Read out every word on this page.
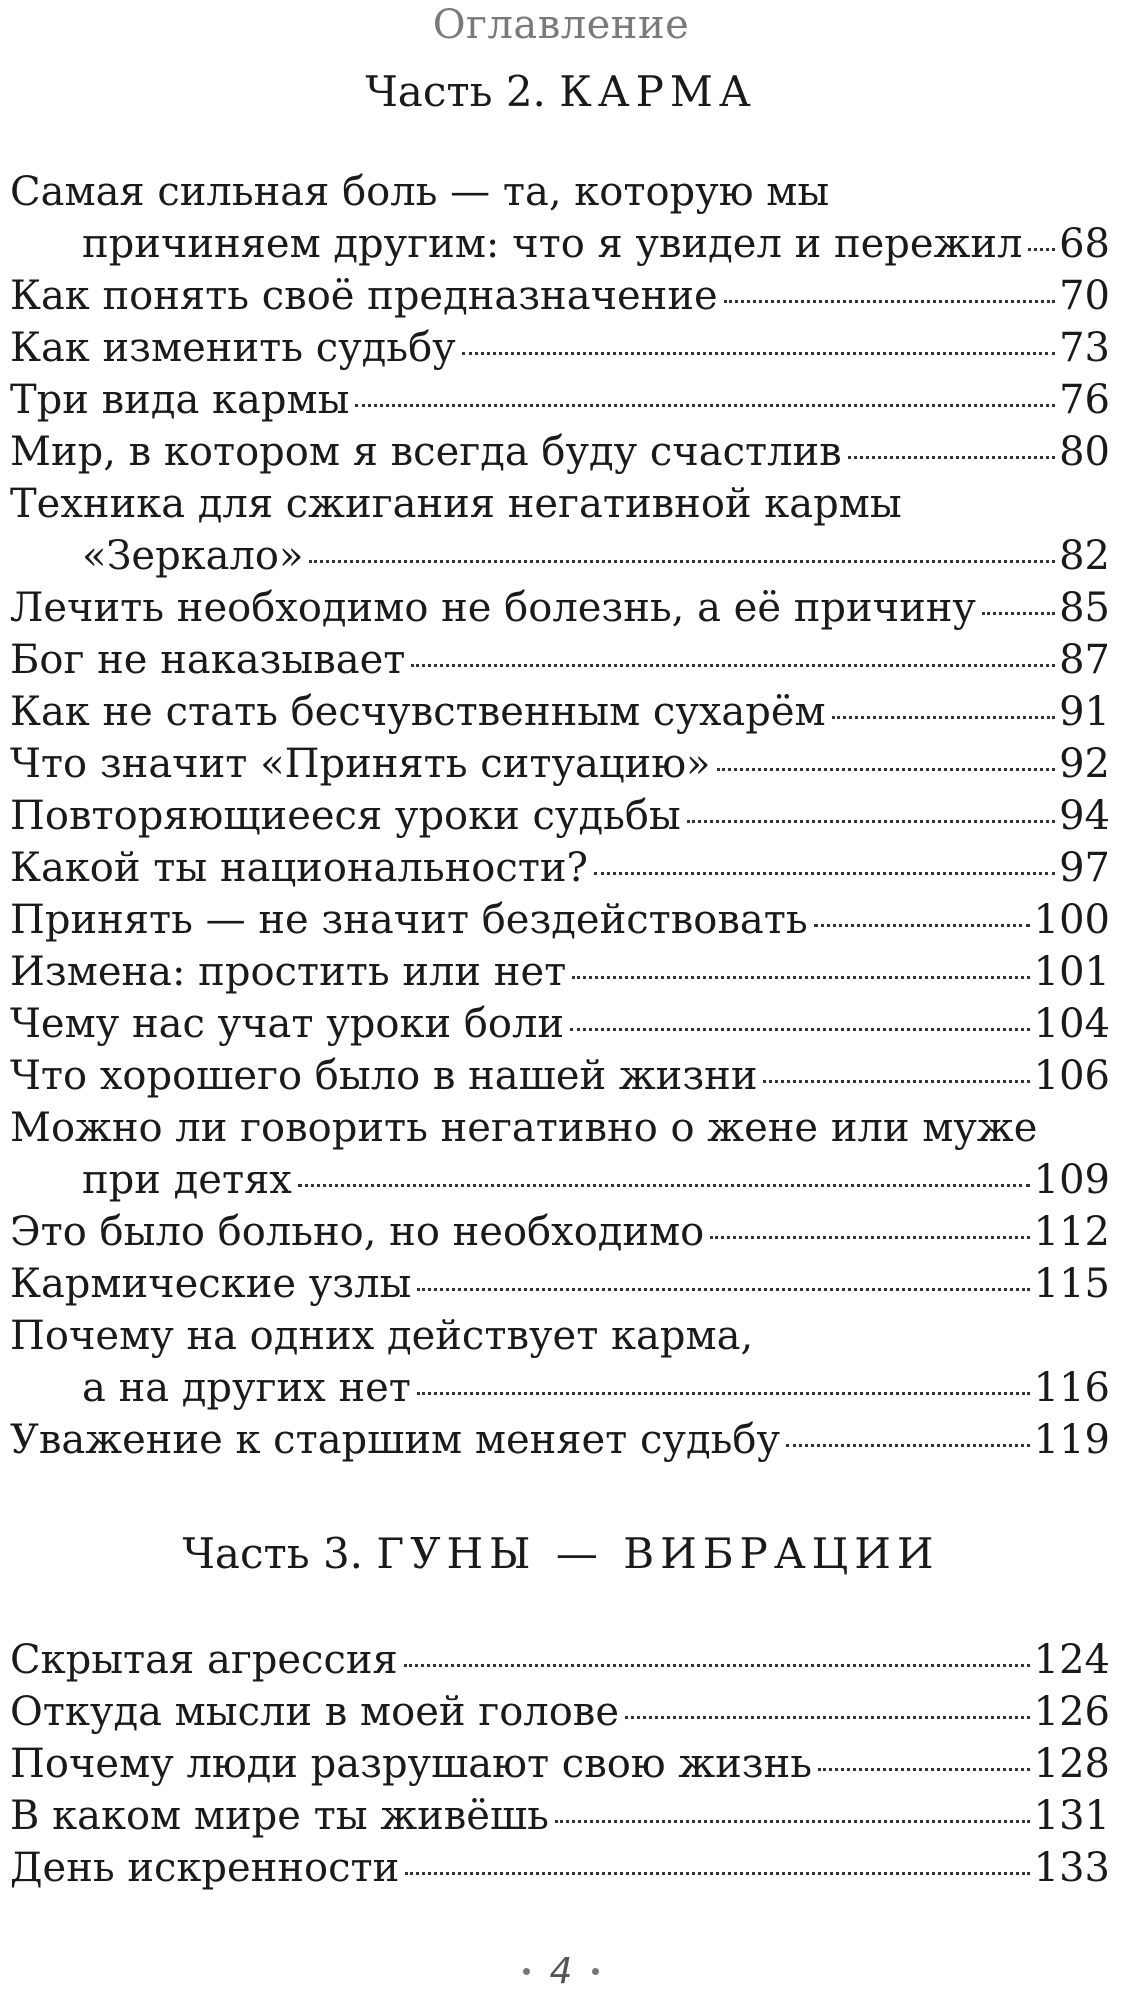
Оглавление
Часть 2. КАРМА
Самая сильная боль — та, которую мы
причиняем другим: что я увидел и пережил 68
Как понять своё предназначение	70
Как изменить судьбу	73
Три вида кармы	76
Мир, в котором я всегда буду счастлив	80
Техника для сжигания негативной кармы
«Зеркало»	82
Лечить необходимо не болезнь, а её причину 85
Бог не наказывает	87
Как не стать бесчувственным сухарём	91
Что значит «Принять ситуацию»	92
Повторяющиееся уроки судьбы	94
Какой ты национальности?	97
Принять — не значит бездействовать	100
Измена: простить или нет	101
Чему нас учат уроки боли	104
Что хорошего было в нашей жизни	106
Можно ли говорить негативно о жене или муже
при детях	109
Это было больно, но необходимо	112
Кармические узлы	115
Почему на одних действует карма,
а на других нет	116
Уважение к старшим меняет судьбу	119
Часть 3. ГУНЫ — ВИБРАЦИИ
Скрытая агрессия	124
Откуда мысли в моей голове	126
Почему люди разрушают свою жизнь	128
В каком мире ты живёшь	131
День искренности	133
4
